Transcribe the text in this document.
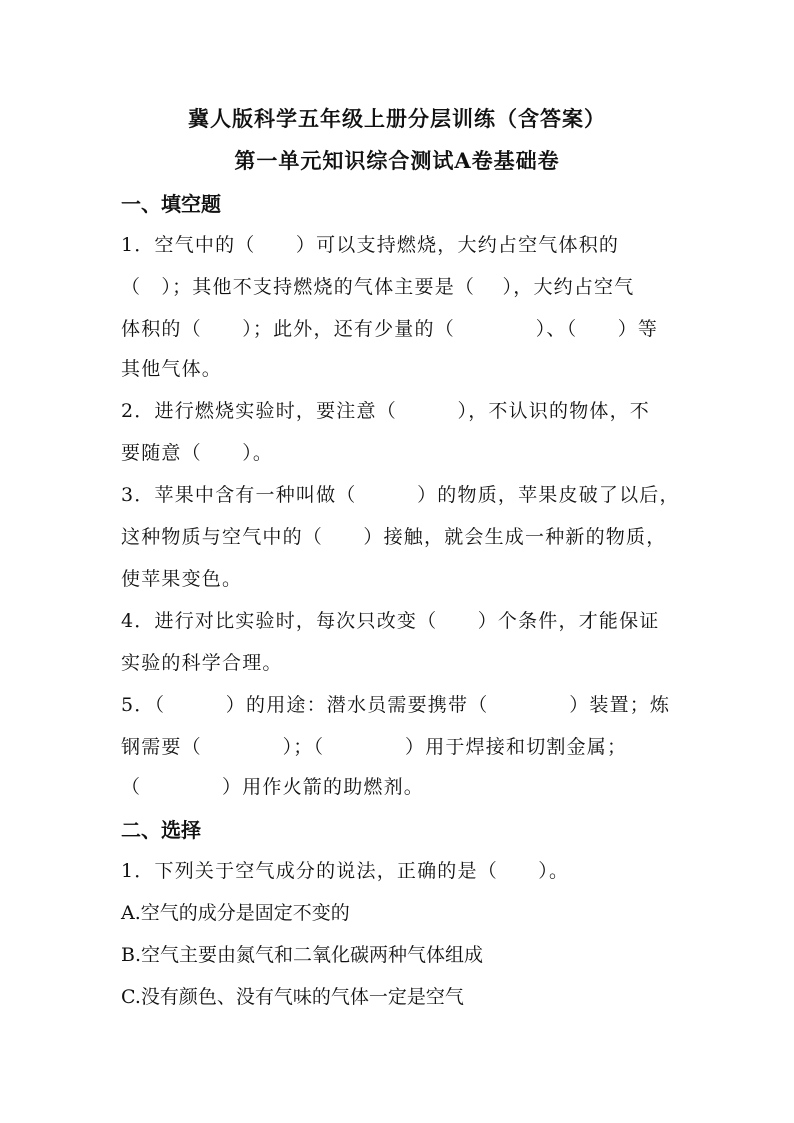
冀人版科学五年级上册分层训练（含答案）
第一单元知识综合测试A卷基础卷
一、填空题
1．空气中的（　　）可以支持燃烧，大约占空气体积的
（　）；其他不支持燃烧的气体主要是（　 ），大约占空气
体积的（　　）；此外，还有少量的（　　　　）、（　　）等
其他气体。
2．进行燃烧实验时，要注意（　　　），不认识的物体，不
要随意（　　）。
3．苹果中含有一种叫做（　　　）的物质，苹果皮破了以后，
这种物质与空气中的（　　）接触，就会生成一种新的物质，
使苹果变色。
4．进行对比实验时，每次只改变（　　）个条件，才能保证
实验的科学合理。
5．（　　　）的用途：潜水员需要携带（　　　　）装置；炼
钢需要（　　　　）；（　　　　）用于焊接和切割金属；
（　　　　）用作火箭的助燃剂。
二、选择
1．下列关于空气成分的说法，正确的是（　　）。
A.空气的成分是固定不变的
B.空气主要由氮气和二氧化碳两种气体组成
C.没有颜色、没有气味的气体一定是空气
